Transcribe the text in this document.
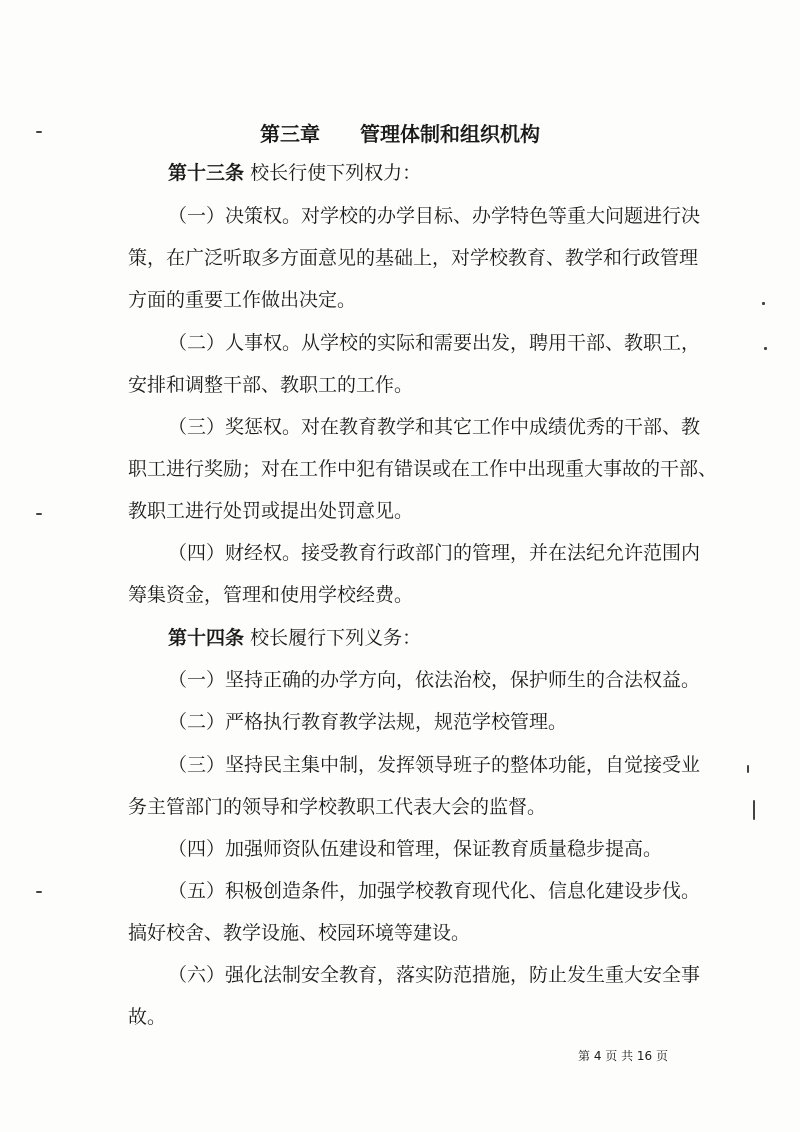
第三章 管理体制和组织机构
第十三条 校长行使下列权力：
（一）决策权。对学校的办学目标、办学特色等重大问题进行决
策，在广泛听取多方面意见的基础上，对学校教育、教学和行政管理
方面的重要工作做出决定。
（二）人事权。从学校的实际和需要出发，聘用干部、教职工，
安排和调整干部、教职工的工作。
（三）奖惩权。对在教育教学和其它工作中成绩优秀的干部、教
职工进行奖励；对在工作中犯有错误或在工作中出现重大事故的干部、
教职工进行处罚或提出处罚意见。
（四）财经权。接受教育行政部门的管理，并在法纪允许范围内
筹集资金，管理和使用学校经费。
第十四条 校长履行下列义务：
（一）坚持正确的办学方向，依法治校，保护师生的合法权益。
（二）严格执行教育教学法规，规范学校管理。
（三）坚持民主集中制，发挥领导班子的整体功能，自觉接受业
务主管部门的领导和学校教职工代表大会的监督。
（四）加强师资队伍建设和管理，保证教育质量稳步提高。
（五）积极创造条件，加强学校教育现代化、信息化建设步伐。
搞好校舍、教学设施、校园环境等建设。
（六）强化法制安全教育，落实防范措施，防止发生重大安全事
故。
第 4 页 共 16 页
